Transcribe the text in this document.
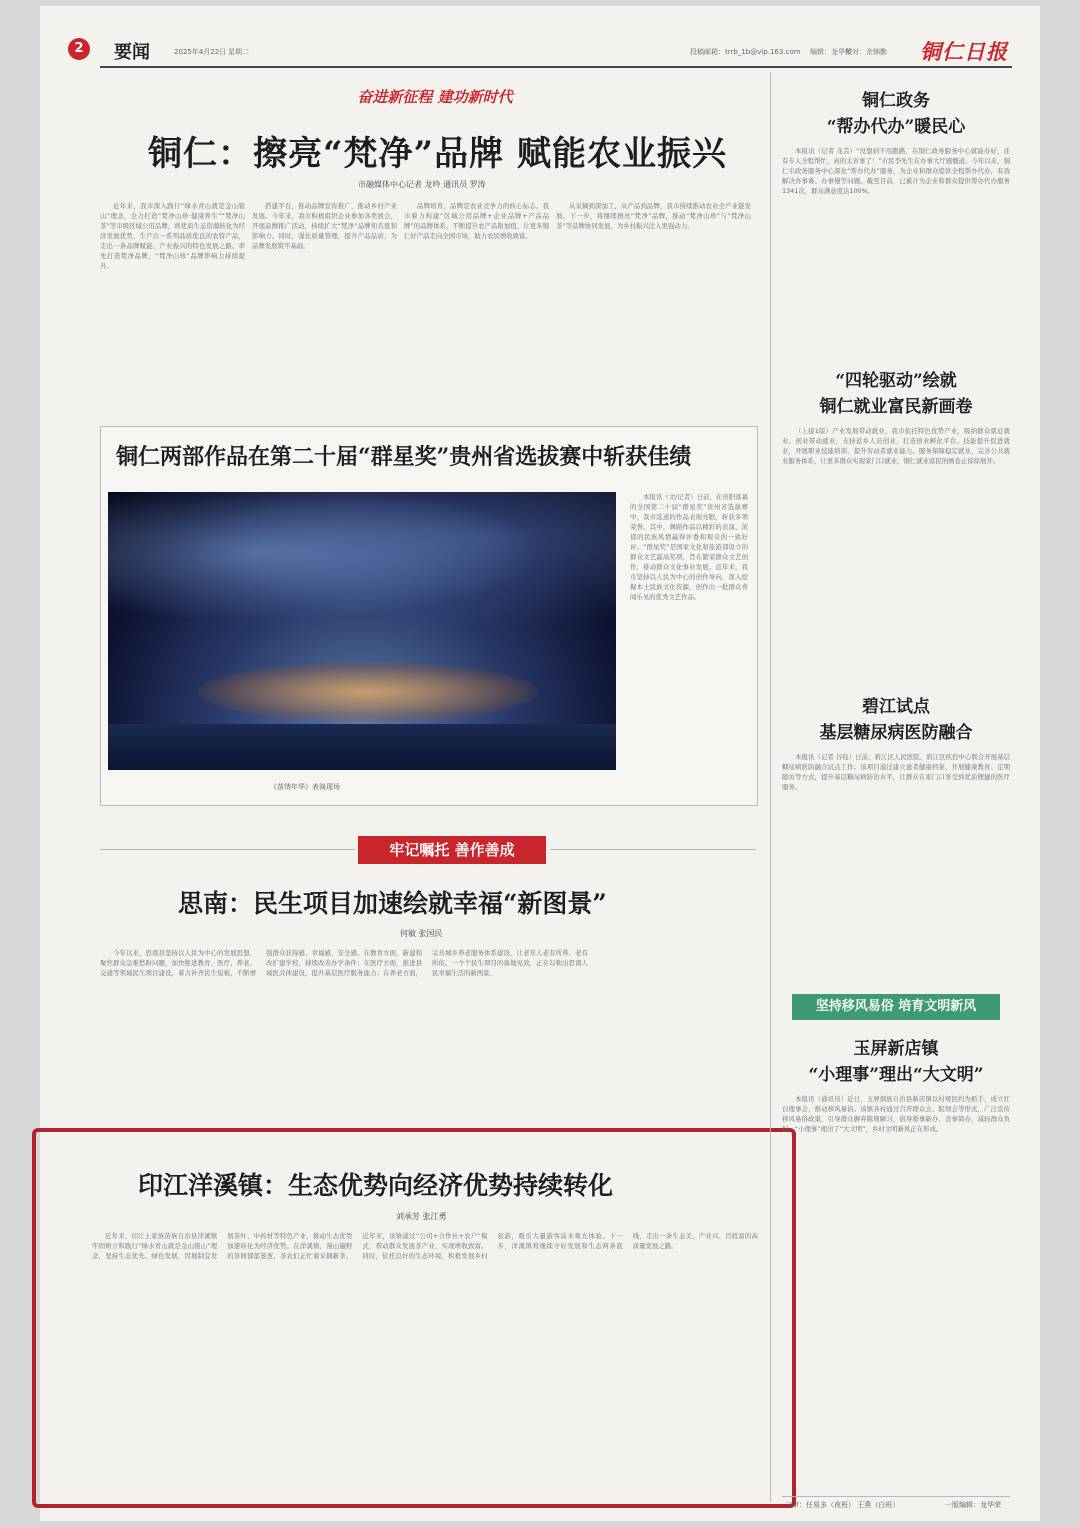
2	要闻	2025年4月22日 星期二	投稿邮箱：trrb_1b@vip.163.com 编辑：龙华荣
校对：余锦勤 铜仁日报
奋进新征程 建功新时代
铜仁：擦亮“梵净”品牌 赋能农业振兴
市融媒体中心记者 龙吟 通讯员 罗涛
近年来，我市深入践行“绿水青山就是金山银山”理念，全力打造“梵净山珍·健康养生”“梵净山茶”等市级区域公用品牌，将优质生态资源转化为经济发展优势，生产出一系列品质优良的农特产品，走出一条品牌赋能、产业振兴的特色发展之路。率先打造梵净品牌，“梵净山珍”品牌影响力持续提升。
搭建平台，推动品牌宣传推广，推动乡村产业发展。今年来，我市积极组织企业参加各类展会，开展品牌推广活动，持续扩大“梵净”品牌知名度和影响力。同时，强化质量管理，提升产品品质，为品牌发展筑牢基础。
品牌培育，品牌是农业竞争力的核心标志。我市着力构建“区域公用品牌+企业品牌+产品品牌”的品牌体系，不断提升农产品附加值，让更多铜仁好产品走向全国市场，助力农民增收致富。
从采摘到深加工，从产品到品牌，我市持续推动农业全产业链发展。下一步，将继续擦亮“梵净”品牌，推动“梵净山珍”与“梵净山茶”等品牌协同发展，为乡村振兴注入更强动力。
铜仁两部作品在第二十届“群星奖”贵州省选拔赛中斩获佳绩
《苗绣年华》表演现场
本报讯（文/记者）日前，在贵阳落幕的全国第二十届“群星奖”贵州省选拔赛中，我市选送的作品表现亮眼，斩获多项荣誉。其中，舞蹈作品以精彩的表演、浓郁的民族风情赢得评委和观众的一致好评。“群星奖”是国家文化和旅游部设立的群众文艺最高奖项，旨在繁荣群众文艺创作，推动群众文化事业发展。近年来，我市坚持以人民为中心的创作导向，深入挖掘本土民族文化资源，创作出一批群众喜闻乐见的优秀文艺作品。
牢记嘱托 善作善成
思南：民生项目加速绘就幸福“新图景”
何敏 张国民
今年以来，思南县坚持以人民为中心的发展思想，聚焦群众急难愁盼问题，加快推进教育、医疗、养老、交通等领域民生项目建设，着力补齐民生短板，不断增强群众获得感、幸福感、安全感。在教育方面，新建和改扩建学校，持续改善办学条件；在医疗方面，推进县域医共体建设，提升基层医疗服务能力；在养老方面，完善城乡养老服务体系建设，让老年人老有所养、老有所依。一个个民生项目的落地见效，正在勾勒出思南人民幸福生活的新图景。
印江洋溪镇：生态优势向经济优势持续转化
刘承芳 张江勇
近年来，印江土家族苗族自治县洋溪镇牢固树立和践行“绿水青山就是金山银山”理念，坚持生态优先、绿色发展，因地制宜发展茶叶、中药材等特色产业，推动生态优势加速转化为经济优势。在洋溪镇，漫山遍野的茶园郁郁葱葱，茶农们正忙着采摘新茶。近年来，该镇通过“公司+合作社+农户”模式，带动群众发展茶产业，实现增收致富。同时，依托良好的生态环境，积极发展乡村旅游，吸引大量游客前来观光体验。下一步，洋溪镇将继续守好发展和生态两条底线，走出一条生态美、产业兴、百姓富的高质量发展之路。
铜仁政务
“帮办代办”暖民心
本报讯（记者 龙芸）“没想到不用跑路，在铜仁政务服务中心就能办好，还有专人全程帮忙，真的太省事了！”市民李先生在办事大厅感慨道。今年以来，铜仁市政务服务中心深化“帮办代办”服务，为企业和群众提供全程帮办代办，有效解决办事难、办事慢等问题。截至目前，已累计为企业和群众提供帮办代办服务1341次，群众满意度达100%。
“四轮驱动”绘就
铜仁就业富民新画卷
（上接1版）产业发展带动就业，我市依托特色优势产业，吸纳群众就近就业。创业带动就业，支持返乡人员创业，打造创业孵化平台。技能提升促进就业，开展职业技能培训，提升劳动者就业能力。服务保障稳定就业，完善公共就业服务体系，让更多群众实现家门口就业，铜仁就业富民的画卷正徐徐展开。
碧江试点
基层糖尿病医防融合
本报讯（记者 谷钰）日前，碧江区人民医院、碧江区疾控中心联合开展基层糖尿病医防融合试点工作。该项目通过建立患者健康档案、开展健康教育、定期随访等方式，提升基层糖尿病防治水平，让群众在家门口享受到优质便捷的医疗服务。
坚持移风易俗 培育文明新风
玉屏新店镇
“小理事”理出“大文明”
本报讯（通讯员）近日，玉屏侗族自治县新店镇以村规民约为抓手，成立红白理事会，推动移风易俗。该镇各村通过召开群众会、院坝会等形式，广泛宣传移风易俗政策，引导群众摒弃陈规陋习，倡导婚事新办、丧事简办，减轻群众负担。“小理事”理出了“大文明”，乡村文明新风正在形成。
二审：任易多（夜班） 王燕（白班）	一版编辑：龙华荣
